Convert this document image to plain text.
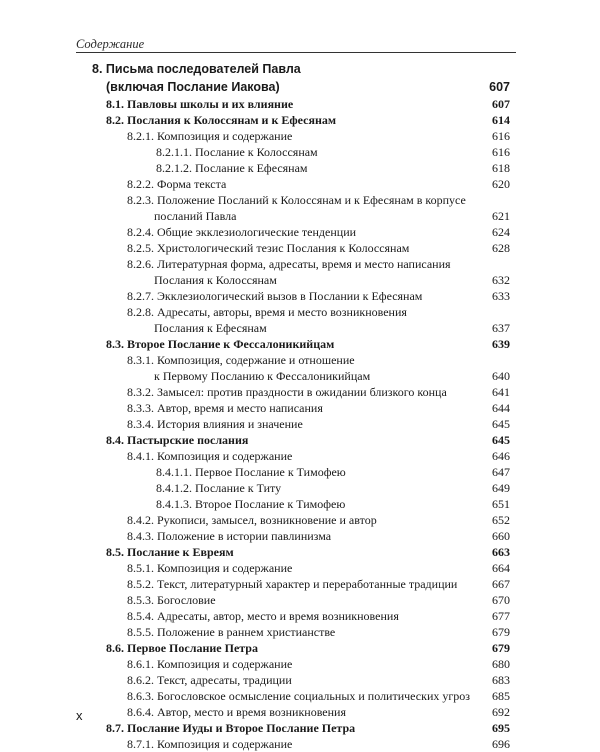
Содержание
8. Письма последователей Павла
(включая Послание Иакова)	607
8.1. Павловы школы и их влияние	607
8.2. Послания к Колоссянам и к Ефесянам	614
8.2.1. Композиция и содержание	616
8.2.1.1. Послание к Колоссянам	616
8.2.1.2. Послание к Ефесянам	618
8.2.2. Форма текста	620
8.2.3. Положение Посланий к Колоссянам и к Ефесянам в корпусе
посланий Павла	621
8.2.4. Общие экклезиологические тенденции	624
8.2.5. Христологический тезис Послания к Колоссянам	628
8.2.6. Литературная форма, адресаты, время и место написания
Послания к Колоссянам	632
8.2.7. Экклезиологический вызов в Послании к Ефесянам	633
8.2.8. Адресаты, авторы, время и место возникновения
Послания к Ефесянам	637
8.3. Второе Послание к Фессалоникийцам	639
8.3.1. Композиция, содержание и отношение
к Первому Посланию к Фессалоникийцам	640
8.3.2. Замысел: против праздности в ожидании близкого конца	641
8.3.3. Автор, время и место написания	644
8.3.4. История влияния и значение	645
8.4. Пастырские послания	645
8.4.1. Композиция и содержание	646
8.4.1.1. Первое Послание к Тимофею	647
8.4.1.2. Послание к Титу	649
8.4.1.3. Второе Послание к Тимофею	651
8.4.2. Рукописи, замысел, возникновение и автор	652
8.4.3. Положение в истории павлинизма	660
8.5. Послание к Евреям	663
8.5.1. Композиция и содержание	664
8.5.2. Текст, литературный характер и переработанные традиции	667
8.5.3. Богословие	670
8.5.4. Адресаты, автор, место и время возникновения	677
8.5.5. Положение в раннем христианстве	679
8.6. Первое Послание Петра	679
8.6.1. Композиция и содержание	680
8.6.2. Текст, адресаты, традиции	683
8.6.3. Богословское осмысление социальных и политических угроз 685
8.6.4. Автор, место и время возникновения	692
8.7. Послание Иуды и Второе Послание Петра	695
8.7.1. Композиция и содержание	696
x
